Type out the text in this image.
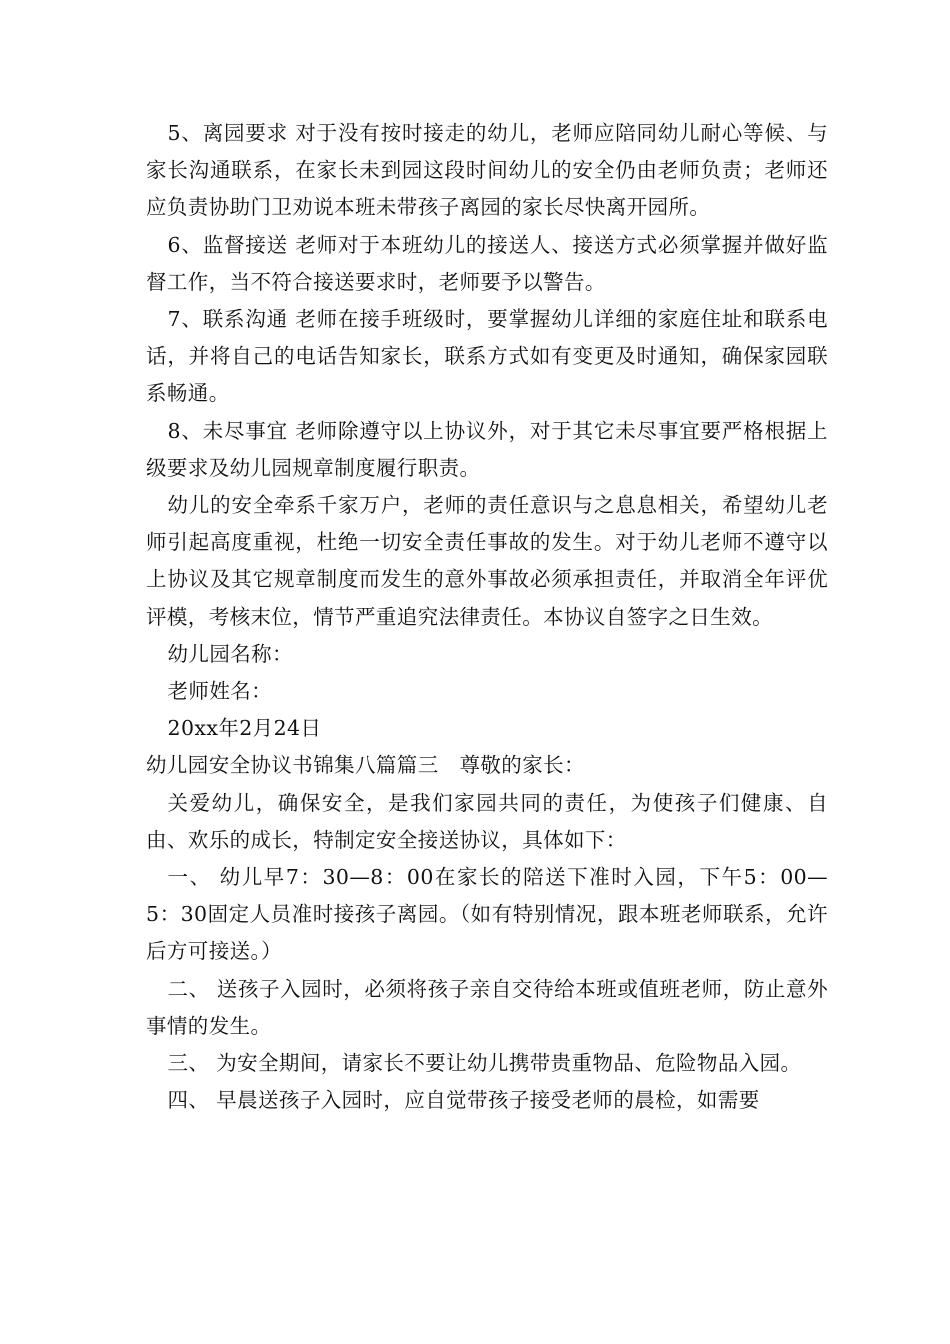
5、离园要求 对于没有按时接走的幼儿，老师应陪同幼儿耐心等候、与家长沟通联系，在家长未到园这段时间幼儿的安全仍由老师负责；老师还应负责协助门卫劝说本班未带孩子离园的家长尽快离开园所。

6、监督接送 老师对于本班幼儿的接送人、接送方式必须掌握并做好监督工作，当不符合接送要求时，老师要予以警告。

7、联系沟通 老师在接手班级时，要掌握幼儿详细的家庭住址和联系电话，并将自己的电话告知家长，联系方式如有变更及时通知，确保家园联系畅通。

8、未尽事宜 老师除遵守以上协议外，对于其它未尽事宜要严格根据上级要求及幼儿园规章制度履行职责。

幼儿的安全牵系千家万户，老师的责任意识与之息息相关，希望幼儿老师引起高度重视，杜绝一切安全责任事故的发生。对于幼儿老师不遵守以上协议及其它规章制度而发生的意外事故必须承担责任，并取消全年评优评模，考核末位，情节严重追究法律责任。本协议自签字之日生效。

幼儿园名称：

老师姓名：

20xx年2月24日

幼儿园安全协议书锦集八篇篇三　尊敬的家长：

关爱幼儿，确保安全，是我们家园共同的责任，为使孩子们健康、自由、欢乐的成长，特制定安全接送协议，具体如下：

一、 幼儿早7：30—8：00在家长的陪送下准时入园，下午5：00—5：30固定人员准时接孩子离园。（如有特别情况，跟本班老师联系，允许后方可接送。）

二、 送孩子入园时，必须将孩子亲自交待给本班或值班老师，防止意外事情的发生。

三、 为安全期间，请家长不要让幼儿携带贵重物品、危险物品入园。

四、 早晨送孩子入园时，应自觉带孩子接受老师的晨检，如需要
